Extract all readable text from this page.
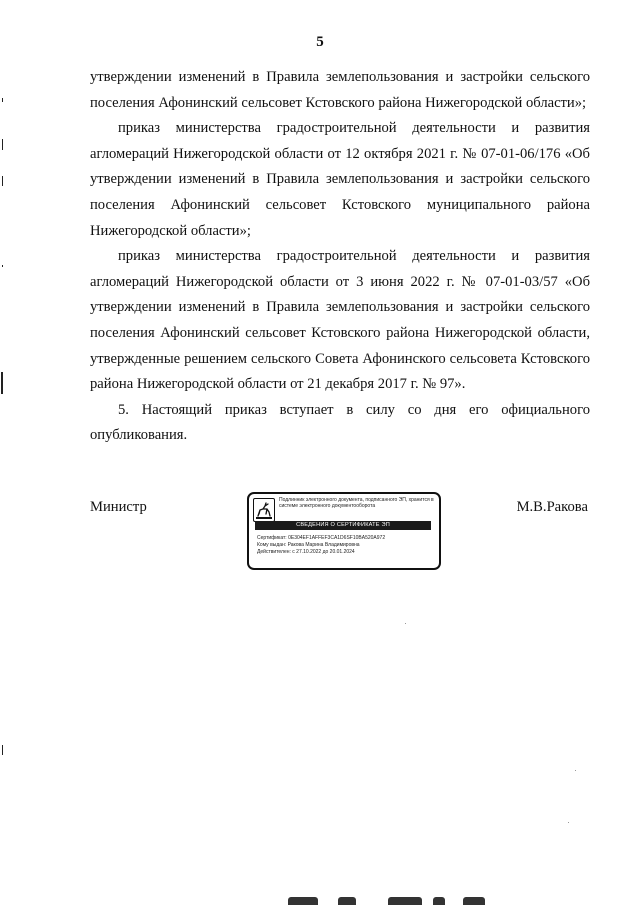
5

утверждении изменений в Правила землепользования и застройки сельского поселения Афонинский сельсовет Кстовского района Нижегородской области»;

приказ министерства градостроительной деятельности и развития агломераций Нижегородской области от 12 октября 2021 г. № 07-01-06/176 «Об утверждении изменений в Правила землепользования и застройки сельского поселения Афонинский сельсовет Кстовского муниципального района Нижегородской области»;

приказ министерства градостроительной деятельности и развития агломераций Нижегородской области от 3 июня 2022 г. № 07-01-03/57 «Об утверждении изменений в Правила землепользования и застройки сельского поселения Афонинский сельсовет Кстовского района Нижегородской области, утвержденные решением сельского Совета Афонинского сельсовета Кстовского района Нижегородской области от 21 декабря 2017 г. № 97».

5. Настоящий приказ вступает в силу со дня его официального опубликования.

Министр	Подлинник электронного документа, подписанного ЭП, хранится в системе электронного документооборота
СВЕДЕНИЯ О СЕРТИФИКАТЕ ЭП
Сертификат: 0E304EF1AFFEF3CA1D6SF10BA520A972
Кому выдан: Ракова Марина Владимировна
Действителен: с 27.10.2022 до 20.01.2024
М.В.Ракова
